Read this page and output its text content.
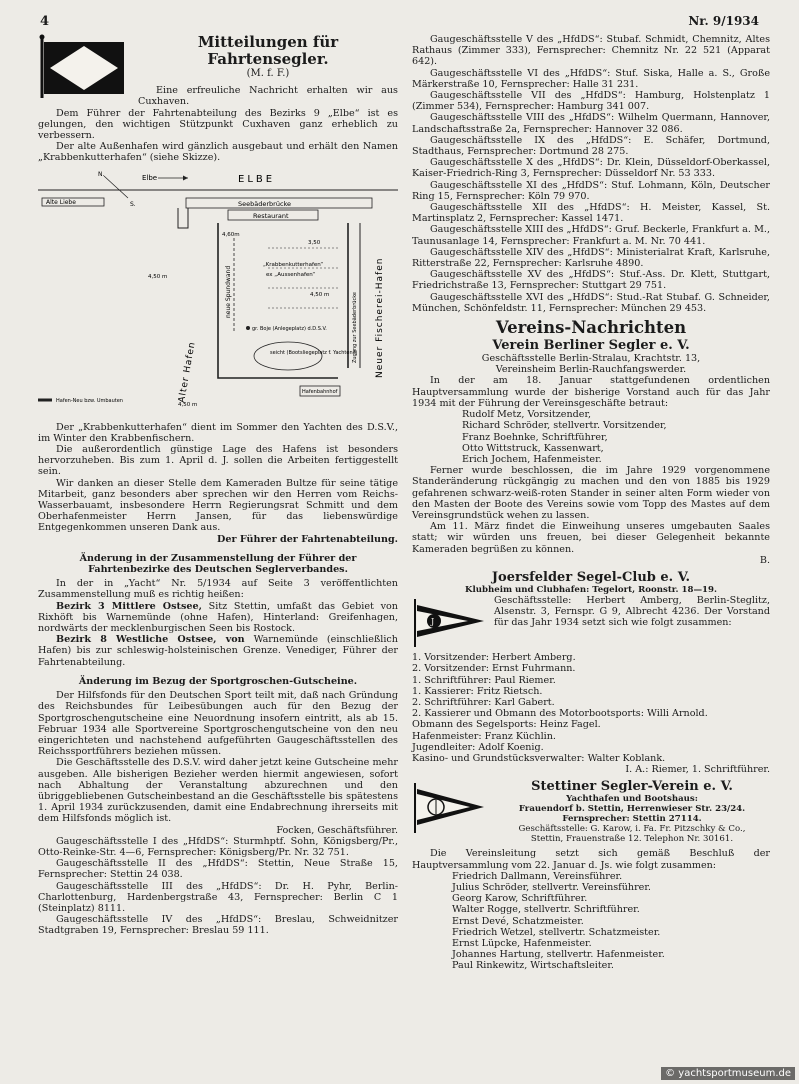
4	Nr. 9/1934
Mitteilungen für Fahrtensegler.
(M. f. F.)

Eine erfreuliche Nachricht erhalten wir aus Cuxhaven.

Dem Führer der Fahrtenabteilung des Bezirks 9 „Elbe“ ist es gelungen, den wichtigen Stützpunkt Cuxhaven ganz erheblich zu verbessern.

Der alte Außenhafen wird gänzlich ausgebaut und erhält den Namen „Krabbenkutterhafen“ (siehe Skizze).

ELBE
Elbe
N.
S.
Alte Liebe	Seebäderbrücke
Restaurant
4,60m
3,50
4,50 m
4,50 m
4,50 m
neue Spundwand
„Krabbenkutterhafen“
ex „Aussenhafen“
gr. Boje (Anlegeplatz) d.D.S.V.	Neuer Fischerei-Hafen
Alter Hafen
Zugang zur Seebäderbrücke
seicht (Bootsliegeplatz f. Yachten?)
Hafenbahnhof
Hafen-Neu bzw. Umbauten

Der „Krabbenkutterhafen“ dient im Sommer den Yachten des D.S.V., im Winter den Krabbenfischern.

Die außerordentlich günstige Lage des Hafens ist besonders hervorzuheben. Bis zum 1. April d. J. sollen die Arbeiten fertiggestellt sein.

Wir danken an dieser Stelle dem Kameraden Bultze für seine tätige Mitarbeit, ganz besonders aber sprechen wir den Herren vom Reichs-Wasserbauamt, insbesondere Herrn Regierungsrat Schmitt und dem Oberhafenmeister Herrn Jansen, für das liebenswürdige Entgegenkommen unseren Dank aus.

Der Führer der Fahrtenabteilung.

Änderung in der Zusammenstellung der Führer der Fahrtenbezirke des Deutschen Seglerverbandes.

In der in „Yacht“ Nr. 5/1934 auf Seite 3 veröffentlichten Zusammenstellung muß es richtig heißen:

Bezirk 3 Mittlere Ostsee, Sitz Stettin, umfaßt das Gebiet von Rixhöft bis Warnemünde (ohne Hafen), Hinterland: Greifenhagen, nordwärts der mecklenburgischen Seen bis Rostock.

Bezirk 8 Westliche Ostsee, von Warnemünde (einschließlich Hafen) bis zur schleswig-holsteinischen Grenze. Venediger, Führer der Fahrtenabteilung.

Änderung im Bezug der Sportgroschen-Gutscheine.

Der Hilfsfonds für den Deutschen Sport teilt mit, daß nach Gründung des Reichsbundes für Leibesübungen auch für den Bezug der Sportgroschengutscheine eine Neuordnung insofern eintritt, als ab 15. Februar 1934 alle Sportvereine Sportgroschengutscheine von den neu eingerichteten und nachstehend aufgeführten Gaugeschäftsstellen des Reichssportführers beziehen müssen.

Die Geschäftsstelle des D.S.V. wird daher jetzt keine Gutscheine mehr ausgeben. Alle bisherigen Bezieher werden hiermit angewiesen, sofort nach Abhaltung der Veranstaltung abzurechnen und den übriggebliebenen Gutscheinbestand an die Geschäftsstelle bis spätestens 1. April 1934 zurückzusenden, damit eine Endabrechnung ihrerseits mit dem Hilfsfonds möglich ist.

Focken, Geschäftsführer.

Gaugeschäftsstelle I des „HfdDS“: Sturmhptf. Sohn, Königsberg/Pr., Otto-Reinke-Str. 4—6, Fernsprecher: Königsberg/Pr. Nr. 32 751.

Gaugeschäftsstelle II des „HfdDS“: Stettin, Neue Straße 15, Fernsprecher: Stettin 24 038.

Gaugeschäftsstelle III des „HfdDS“: Dr. H. Pyhr, Berlin-Charlottenburg, Hardenbergstraße 43, Fernsprecher: Berlin C 1 (Steinplatz) 8111.

Gaugeschäftsstelle IV des „HfdDS“: Breslau, Schweidnitzer Stadtgraben 19, Fernsprecher: Breslau 59 111.

Gaugeschäftsstelle V des „HfdDS“: Stubaf. Schmidt, Chemnitz, Altes Rathaus (Zimmer 333), Fernsprecher: Chemnitz Nr. 22 521 (Apparat 642).

Gaugeschäftsstelle VI des „HfdDS“: Stuf. Siska, Halle a. S., Große Märkerstraße 10, Fernsprecher: Halle 31 231.

Gaugeschäftsstelle VII des „HfdDS“: Hamburg, Holstenplatz 1 (Zimmer 534), Fernsprecher: Hamburg 341 007.

Gaugeschäftsstelle VIII des „HfdDS“: Wilhelm Quermann, Hannover, Landschaftsstraße 2a, Fernsprecher: Hannover 32 086.

Gaugeschäftsstelle IX des „HfdDS“: E. Schäfer, Dortmund, Stadthaus, Fernsprecher: Dortmund 28 275.

Gaugeschäftsstelle X des „HfdDS“: Dr. Klein, Düsseldorf-Oberkassel, Kaiser-Friedrich-Ring 3, Fernsprecher: Düsseldorf Nr. 53 333.

Gaugeschäftsstelle XI des „HfdDS“: Stuf. Lohmann, Köln, Deutscher Ring 15, Fernsprecher: Köln 79 970.

Gaugeschäftsstelle XII des „HfdDS“: H. Meister, Kassel, St. Martinsplatz 2, Fernsprecher: Kassel 1471.

Gaugeschäftsstelle XIII des „HfdDS“: Gruf. Beckerle, Frankfurt a. M., Taunusanlage 14, Fernsprecher: Frankfurt a. M. Nr. 70 441.

Gaugeschäftsstelle XIV des „HfdDS“: Ministerialrat Kraft, Karlsruhe, Ritterstraße 22, Fernsprecher: Karlsruhe 4890.

Gaugeschäftsstelle XV des „HfdDS“: Stuf.-Ass. Dr. Klett, Stuttgart, Friedrichstraße 13, Fernsprecher: Stuttgart 29 751.

Gaugeschäftsstelle XVI des „HfdDS“: Stud.-Rat Stubaf. G. Schneider, München, Schönfeldstr. 11, Fernsprecher: München 29 453.

Vereins-Nachrichten

Verein Berliner Segler e. V.

Geschäftsstelle Berlin-Stralau, Krachtstr. 13,

Vereinsheim Berlin-Rauchfangswerder.

In der am 18. Januar stattgefundenen ordentlichen Hauptversammlung wurde der bisherige Vorstand auch für das Jahr 1934 mit der Führung der Vereinsgeschäfte betraut:

Rudolf Metz, Vorsitzender,

Richard Schröder, stellvertr. Vorsitzender,

Franz Boehnke, Schriftführer,

Otto Wittstruck, Kassenwart,

Erich Jochem, Hafenmeister.

Ferner wurde beschlossen, die im Jahre 1929 vorgenommene Standeränderung rückgängig zu machen und den von 1885 bis 1929 gefahrenen schwarz-weiß-roten Stander in seiner alten Form wieder von den Masten der Boote des Vereins sowie vom Topp des Mastes auf dem Vereinsgrundstück wehen zu lassen.

Am 11. März findet die Einweihung unseres umgebauten Saales statt; wir würden uns freuen, bei dieser Gelegenheit bekannte Kameraden begrüßen zu können.

B.

Joersfelder Segel-Club e. V.

Klubheim und Clubhafen: Tegelort, Roonstr. 18—19.

J

Geschäftsstelle: Herbert Amberg, Berlin-Steglitz, Alsenstr. 3, Fernspr. G 9, Albrecht 4236. Der Vorstand für das Jahr 1934 setzt sich wie folgt zusammen:

1. Vorsitzender: Herbert Amberg.

2. Vorsitzender: Ernst Fuhrmann.

1. Schriftführer: Paul Riemer.

1. Kassierer: Fritz Rietsch.

2. Schriftführer: Karl Gabert.

2. Kassierer und Obmann des Motorbootsports: Willi Arnold.

Obmann des Segelsports: Heinz Fagel.

Hafenmeister: Franz Küchlin.

Jugendleiter: Adolf Koenig.

Kasino- und Grundstücksverwalter: Walter Koblank.

I. A.: Riemer, 1. Schriftführer.

Stettiner Segler-Verein e. V.

Yachthafen und Bootshaus:

Frauendorf b. Stettin, Herrenwieser Str. 23/24.

Fernsprecher: Stettin 27114.

Geschäftsstelle: G. Karow, i. Fa. Fr. Pitzschky & Co.,

Stettin, Frauenstraße 12. Telephon Nr. 30161.

Die Vereinsleitung setzt sich gemäß Beschluß der Hauptversammlung vom 22. Januar d. Js. wie folgt zusammen:

Friedrich Dallmann, Vereinsführer.

Julius Schröder, stellvertr. Vereinsführer.

Georg Karow, Schriftführer.

Walter Rogge, stellvertr. Schriftführer.

Ernst Devé, Schatzmeister.

Friedrich Wetzel, stellvertr. Schatzmeister.

Ernst Lüpcke, Hafenmeister.

Johannes Hartung, stellvertr. Hafenmeister.

Paul Rinkewitz, Wirtschaftsleiter.

© yachtsportmuseum.de
